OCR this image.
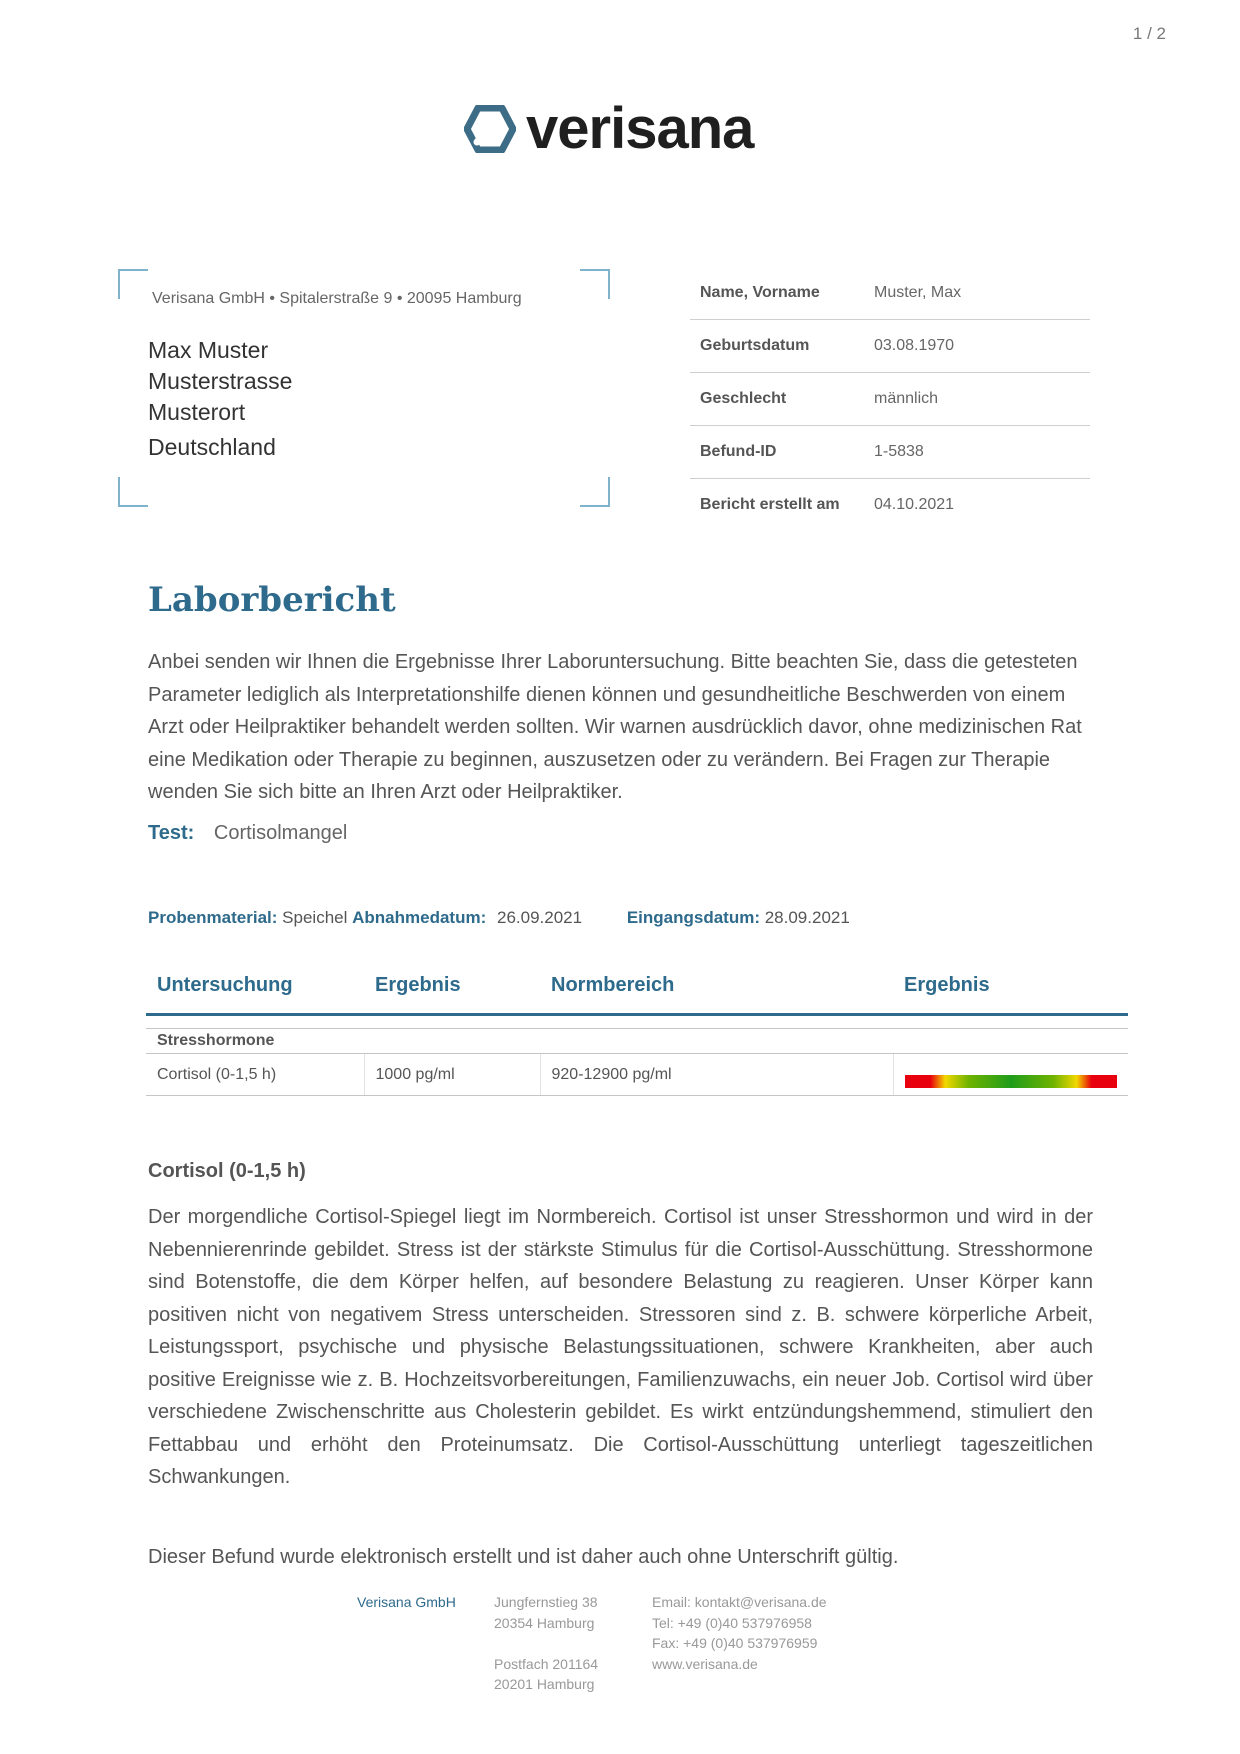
1 / 2
verisana
Verisana GmbH • Spitalerstraße 9 • 20095 Hamburg
Max Muster
Musterstrasse
Musterort
Deutschland
Name, Vorname	Muster, Max
Geburtsdatum	03.08.1970
Geschlecht	männlich
Befund-ID	1-5838
Bericht erstellt am	04.10.2021
Laborbericht
Anbei senden wir Ihnen die Ergebnisse Ihrer Laboruntersuchung. Bitte beachten Sie, dass die getesteten Parameter lediglich als Interpretationshilfe dienen können und gesundheitliche Beschwerden von einem Arzt oder Heilpraktiker behandelt werden sollten. Wir warnen ausdrücklich davor, ohne medizinischen Rat eine Medikation oder Therapie zu beginnen, auszusetzen oder zu verändern. Bei Fragen zur Therapie wenden Sie sich bitte an Ihren Arzt oder Heilpraktiker.
Test: Cortisolmangel
Probenmaterial: Speichel Abnahmedatum: 26.09.2021	Eingangsdatum: 28.09.2021
Untersuchung	Ergebnis	Normbereich	Ergebnis

Stresshormone			
Cortisol (0-1,5 h)	1000 pg/ml	920-12900 pg/ml	
Cortisol (0-1,5 h)
Der morgendliche Cortisol-Spiegel liegt im Normbereich. Cortisol ist unser Stresshormon und wird in der Nebennierenrinde gebildet. Stress ist der stärkste Stimulus für die Cortisol-Ausschüttung. Stresshormone sind Botenstoffe, die dem Körper helfen, auf besondere Belastung zu reagieren. Unser Körper kann positiven nicht von negativem Stress unterscheiden. Stressoren sind z. B. schwere körperliche Arbeit, Leistungssport, psychische und physische Belastungssituationen, schwere Krankheiten, aber auch positive Ereignisse wie z. B. Hochzeitsvorbereitungen, Familienzuwachs, ein neuer Job. Cortisol wird über verschiedene Zwischenschritte aus Cholesterin gebildet. Es wirkt entzündungshemmend, stimuliert den Fettabbau und erhöht den Proteinumsatz. Die Cortisol-Ausschüttung unterliegt tageszeitlichen Schwankungen.
Dieser Befund wurde elektronisch erstellt und ist daher auch ohne Unterschrift gültig.
Verisana GmbH	Jungfernstieg 38
20354 Hamburg
Postfach 201164
20201 Hamburg
Email: kontakt@verisana.de
Tel: +49 (0)40 537976958
Fax: +49 (0)40 537976959
www.verisana.de
